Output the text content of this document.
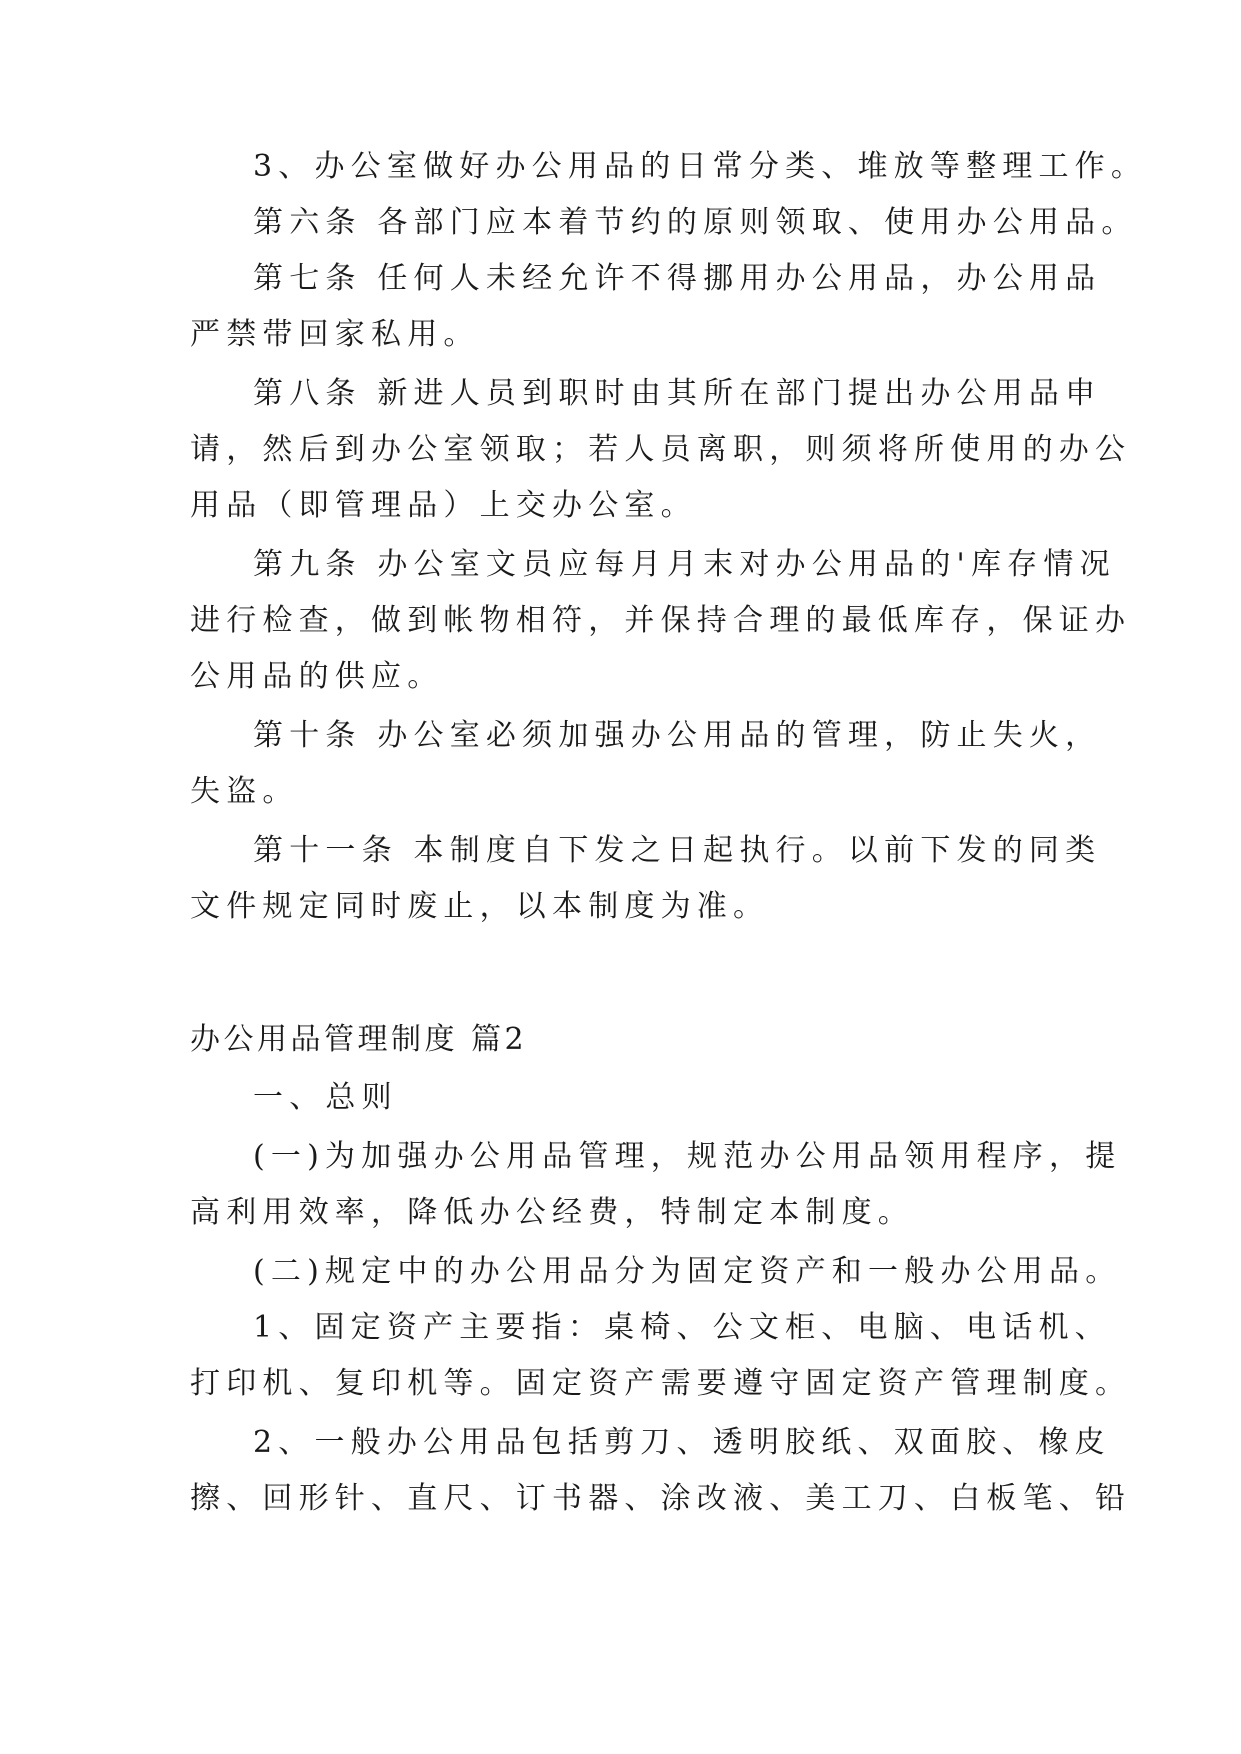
3、办公室做好办公用品的日常分类、堆放等整理工作。
第六条 各部门应本着节约的原则领取、使用办公用品。
第七条 任何人未经允许不得挪用办公用品，办公用品
严禁带回家私用。
第八条 新进人员到职时由其所在部门提出办公用品申
请，然后到办公室领取；若人员离职，则须将所使用的办公
用品（即管理品）上交办公室。
第九条 办公室文员应每月月末对办公用品的'库存情况
进行检查，做到帐物相符，并保持合理的最低库存，保证办
公用品的供应。
第十条 办公室必须加强办公用品的管理，防止失火，
失盗。
第十一条 本制度自下发之日起执行。以前下发的同类
文件规定同时废止，以本制度为准。
办公用品管理制度 篇2
一、总则
(一)为加强办公用品管理，规范办公用品领用程序，提
高利用效率，降低办公经费，特制定本制度。
(二)规定中的办公用品分为固定资产和一般办公用品。
1、固定资产主要指：桌椅、公文柜、电脑、电话机、
打印机、复印机等。固定资产需要遵守固定资产管理制度。
2、一般办公用品包括剪刀、透明胶纸、双面胶、橡皮
擦、回形针、直尺、订书器、涂改液、美工刀、白板笔、铅
